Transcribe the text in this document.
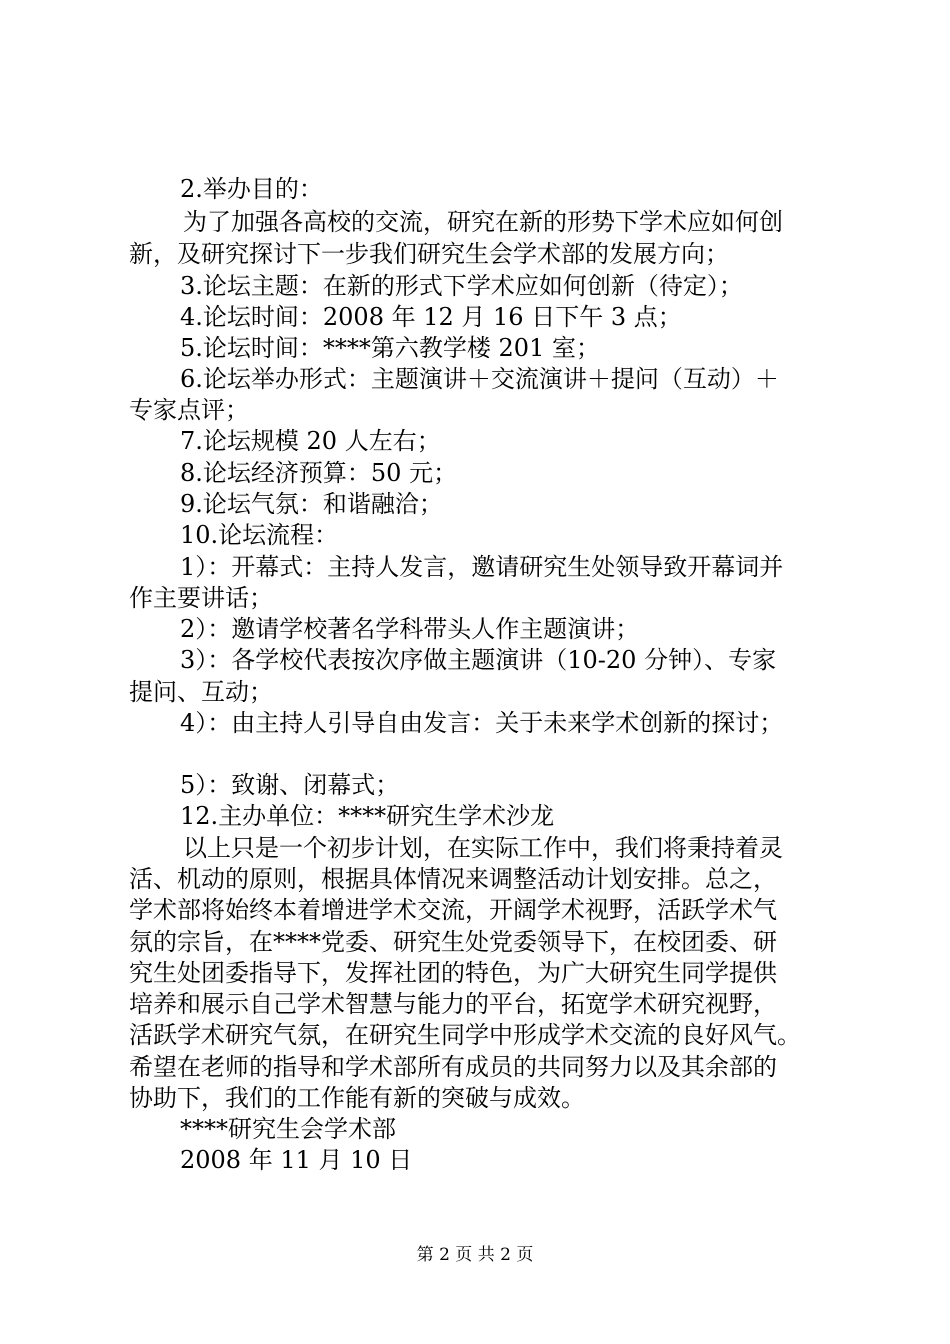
2.举办目的：
为了加强各高校的交流，研究在新的形势下学术应如何创
新，及研究探讨下一步我们研究生会学术部的发展方向；
3.论坛主题：在新的形式下学术应如何创新（待定）；
4.论坛时间：2008 年 12 月 16 日下午 3 点；
5.论坛时间：****第六教学楼 201 室；
6.论坛举办形式：主题演讲＋交流演讲＋提问（互动）＋
专家点评；
7.论坛规模 20 人左右；
8.论坛经济预算：50 元；
9.论坛气氛：和谐融洽；
10.论坛流程：
1）：开幕式：主持人发言，邀请研究生处领导致开幕词并
作主要讲话；
2）：邀请学校著名学科带头人作主题演讲；
3）：各学校代表按次序做主题演讲（10-20 分钟）、专家
提问、互动；
4）：由主持人引导自由发言：关于未来学术创新的探讨；
5）：致谢、闭幕式；
12.主办单位：****研究生学术沙龙
以上只是一个初步计划，在实际工作中，我们将秉持着灵
活、机动的原则，根据具体情况来调整活动计划安排。总之，
学术部将始终本着增进学术交流，开阔学术视野，活跃学术气
氛的宗旨，在****党委、研究生处党委领导下，在校团委、研
究生处团委指导下，发挥社团的特色，为广大研究生同学提供
培养和展示自己学术智慧与能力的平台，拓宽学术研究视野，
活跃学术研究气氛，在研究生同学中形成学术交流的良好风气。
希望在老师的指导和学术部所有成员的共同努力以及其余部的
协助下，我们的工作能有新的突破与成效。
****研究生会学术部
2008 年 11 月 10 日
第 2 页 共 2 页
